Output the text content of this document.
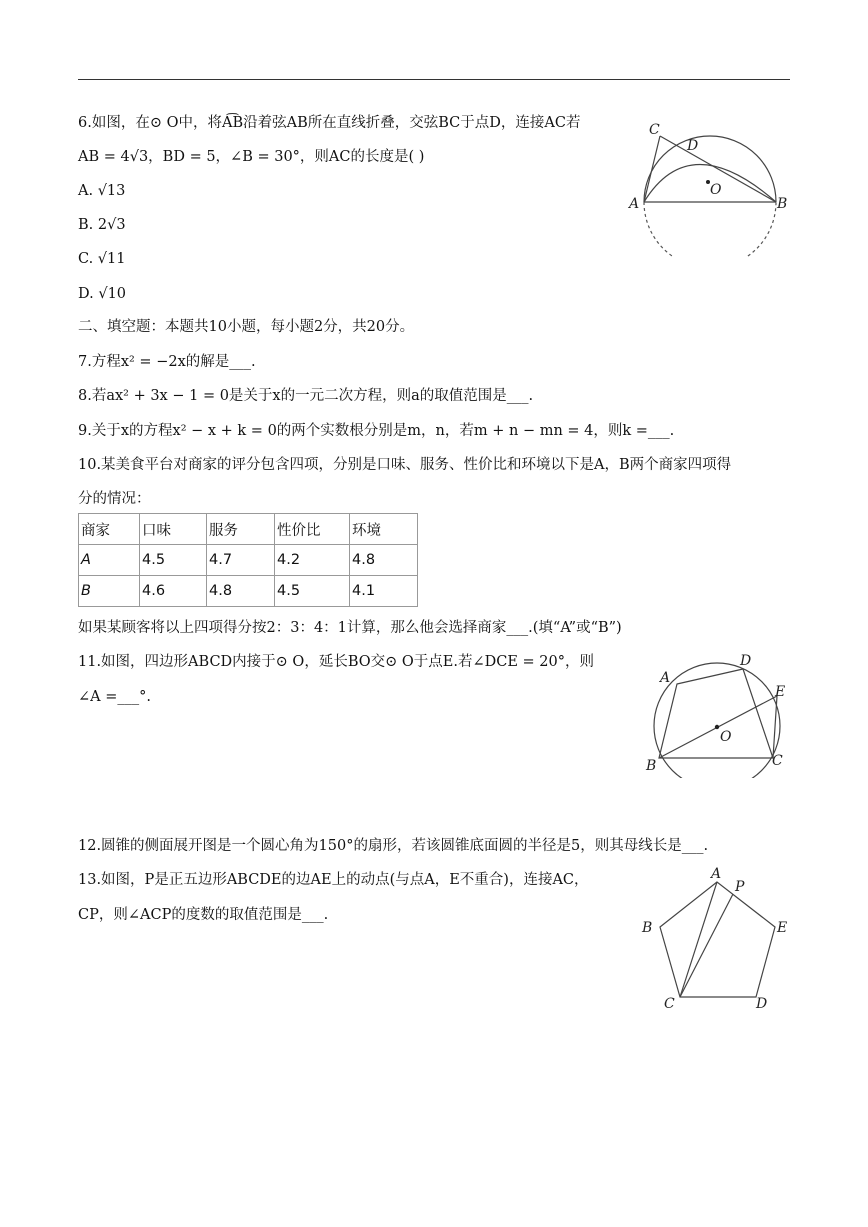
6.如图，在⊙ O中，将A͡B沿着弦AB所在直线折叠，交弦BC于点D，连接AC若
AB = 4√3，BD = 5，∠B = 30°，则AC的长度是( )
A. √13
B. 2√3
C. √11
D. √10
C
D
O
A	B
二、填空题：本题共10小题，每小题2分，共20分。
7.方程x² = −2x的解是___.
8.若ax² + 3x − 1 = 0是关于x的一元二次方程，则a的取值范围是___.
9.关于x的方程x² − x + k = 0的两个实数根分别是m，n，若m + n − mn = 4，则k =___.
10.某美食平台对商家的评分包含四项，分别是口味、服务、性价比和环境以下是A，B两个商家四项得
分的情况：
商家	口味	服务	性价比	环境
A	4.5	4.7	4.2	4.8
B	4.6	4.8	4.5	4.1
如果某顾客将以上四项得分按2：3：4：1计算，那么他会选择商家___.(填“A”或“B”)
11.如图，四边形ABCD内接于⊙ O，延长BO交⊙ O于点E.若∠DCE = 20°，则
∠A =___°.
A
D
E
O
B	C
12.圆锥的侧面展开图是一个圆心角为150°的扇形，若该圆锥底面圆的半径是5，则其母线长是___.
13.如图，P是正五边形ABCDE的边AE上的动点(与点A，E不重合)，连接AC，
CP，则∠ACP的度数的取值范围是___.
A
P
B	E
C	D
